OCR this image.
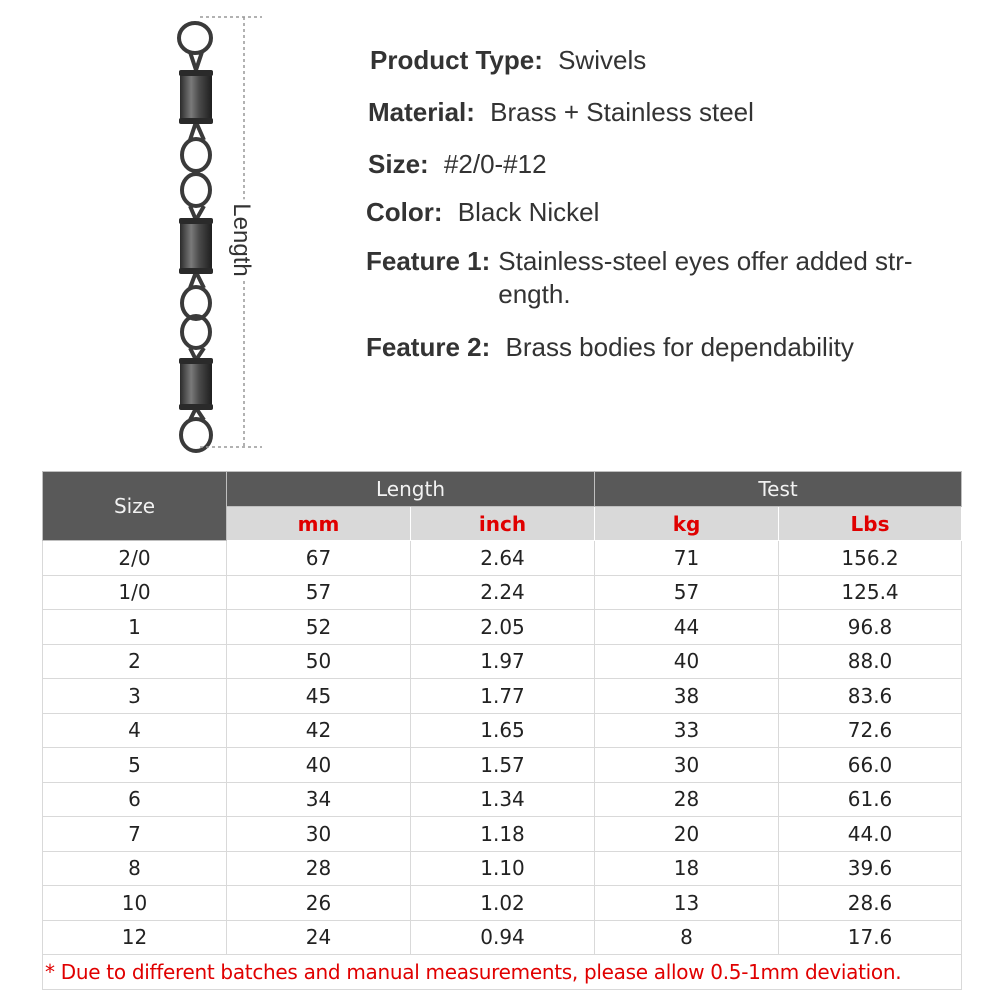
Length
Product Type: Swivels
Material: Brass + Stainless steel
Size: #2/0-#12
Color: Black Nickel
Feature 1: Stainless-steel eyes offer added str-
ength.
Feature 2: Brass bodies for dependability
Size	Length		Test	
	mm	inch	kg	Lbs
2/0	67	2.64	71	156.2
1/0	57	2.24	57	125.4
1	52	2.05	44	96.8
2	50	1.97	40	88.0
3	45	1.77	38	83.6
4	42	1.65	33	72.6
5	40	1.57	30	66.0
6	34	1.34	28	61.6
7	30	1.18	20	44.0
8	28	1.10	18	39.6
10	26	1.02	13	28.6
12	24	0.94	8	17.6
* Due to different batches and manual measurements, please allow 0.5-1mm deviation.				
